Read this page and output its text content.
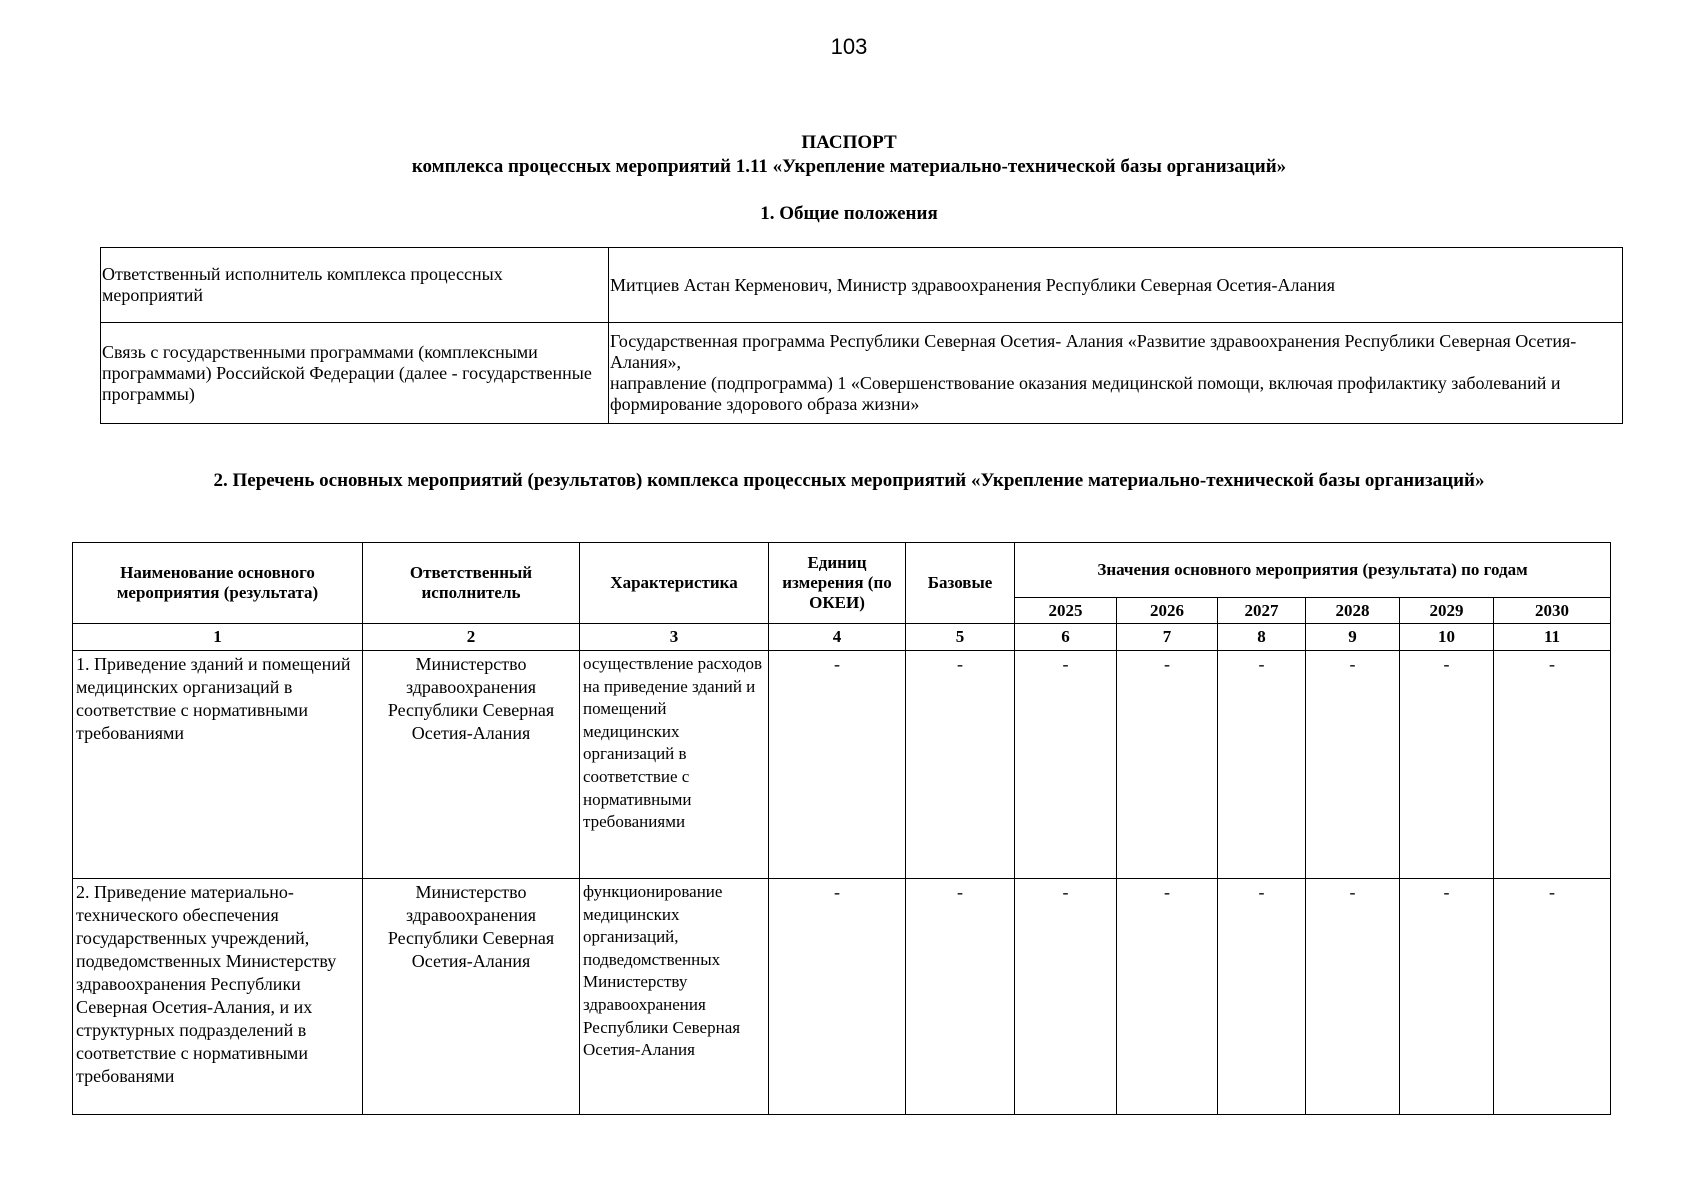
103
ПАСПОРТ
комплекса процессных мероприятий 1.11 «Укрепление материально-технической базы организаций»
1. Общие положения
Ответственный исполнитель комплекса процессных мероприятий	Митциев Астан Керменович, Министр здравоохранения Республики Северная Осетия-Алания

Связь с государственными программами (комплексными программами) Российской Федерации (далее - государственные программы)	Государственная программа Республики Северная Осетия- Алания «Развитие здравоохранения Республики Северная Осетия-Алания»,
направление (подпрограмма) 1 «Совершенствование оказания медицинской помощи, включая профилактику заболеваний и формирование здорового образа жизни»
2. Перечень основных мероприятий (результатов) комплекса процессных мероприятий «Укрепление материально-технической базы организаций»
Наименование основного мероприятия (результата)	Ответственный исполнитель	Характеристика	Единиц измерения (по ОКЕИ)	Базовые	Значения основного мероприятия (результата) по годам					
					2025	2026	2027	2028	2029	2030
1	2	3	4	5	6	7	8	9	10	11
1. Приведение зданий и помещений медицинских организаций в соответствие с нормативными требованиями	Министерство здравоохранения Республики Северная Осетия-Алания	осуществление расходов на приведение зданий и помещений медицинских организаций в соответствие с нормативными требованиями	-	-	-	-	-	-	-	-
2. Приведение материально-технического обеспечения государственных учреждений, подведомственных Министерству здравоохранения Республики Северная Осетия-Алания, и их структурных подразделений в соответствие с нормативными требованями	Министерство здравоохранения Республики Северная Осетия-Алания	функционирование медицинских организаций, подведомственных Министерству здравоохранения Республики Северная Осетия-Алания	-	-	-	-	-	-	-	-
